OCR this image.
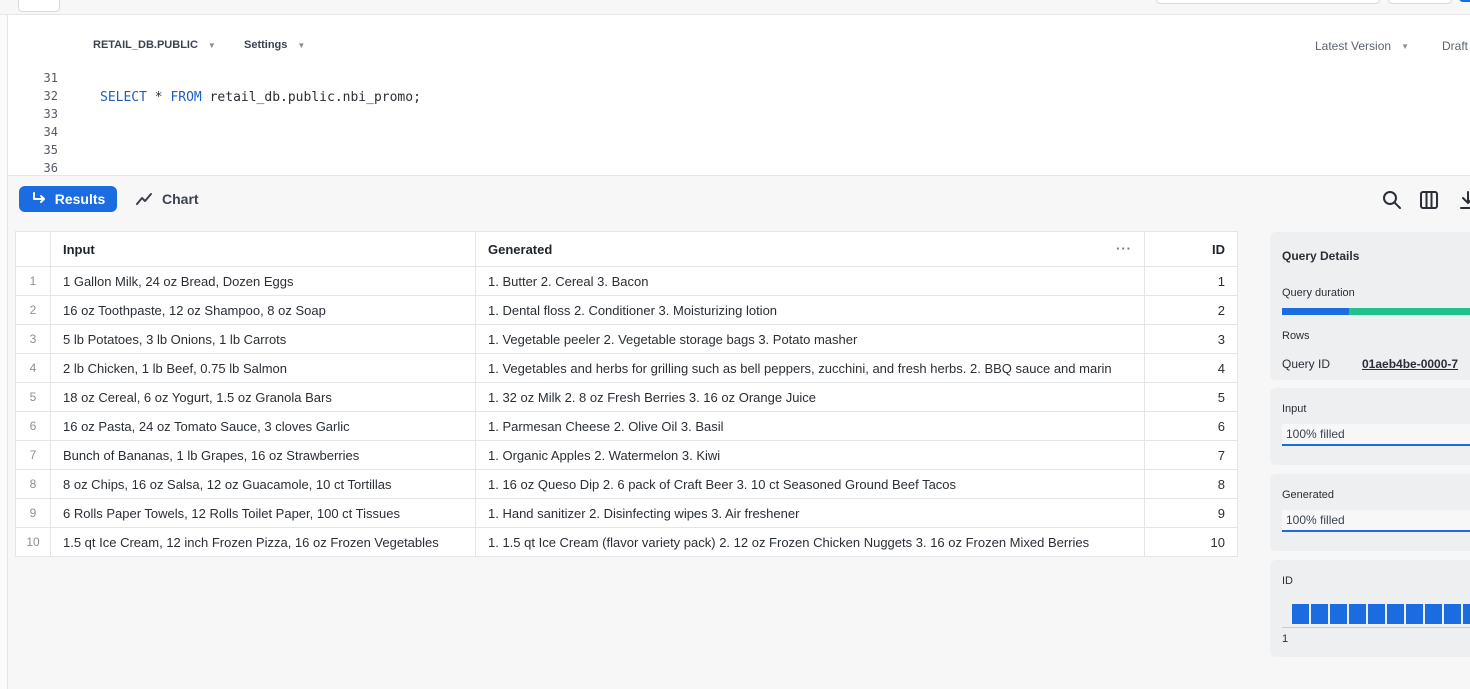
RETAIL_DB.PUBLIC ▼	Settings ▼	Latest Version ▼	Draft
31
32
33
34
35
36
SELECT * FROM retail_db.public.nbi_promo;
Results	Chart
	Input	Generated ···	ID
1	1 Gallon Milk, 24 oz Bread, Dozen Eggs	1. Butter 2. Cereal 3. Bacon	1
2	16 oz Toothpaste, 12 oz Shampoo, 8 oz Soap	1. Dental floss 2. Conditioner 3. Moisturizing lotion	2
3	5 lb Potatoes, 3 lb Onions, 1 lb Carrots	1. Vegetable peeler 2. Vegetable storage bags 3. Potato masher	3
4	2 lb Chicken, 1 lb Beef, 0.75 lb Salmon	1. Vegetables and herbs for grilling such as bell peppers, zucchini, and fresh herbs. 2. BBQ sauce and marin	4
5	18 oz Cereal, 6 oz Yogurt, 1.5 oz Granola Bars	1. 32 oz Milk 2. 8 oz Fresh Berries 3. 16 oz Orange Juice	5
6	16 oz Pasta, 24 oz Tomato Sauce, 3 cloves Garlic	1. Parmesan Cheese 2. Olive Oil 3. Basil	6
7	Bunch of Bananas, 1 lb Grapes, 16 oz Strawberries	1. Organic Apples 2. Watermelon 3. Kiwi	7
8	8 oz Chips, 16 oz Salsa, 12 oz Guacamole, 10 ct Tortillas	1. 16 oz Queso Dip 2. 6 pack of Craft Beer 3. 10 ct Seasoned Ground Beef Tacos	8
9	6 Rolls Paper Towels, 12 Rolls Toilet Paper, 100 ct Tissues	1. Hand sanitizer 2. Disinfecting wipes 3. Air freshener	9
10	1.5 qt Ice Cream, 12 inch Frozen Pizza, 16 oz Frozen Vegetables	1. 1.5 qt Ice Cream (flavor variety pack) 2. 12 oz Frozen Chicken Nuggets 3. 16 oz Frozen Mixed Berries	10
Query Details
Query duration
Rows
Query ID	01aeb4be-0000-7
Input
100% filled
Generated
100% filled
ID
1
